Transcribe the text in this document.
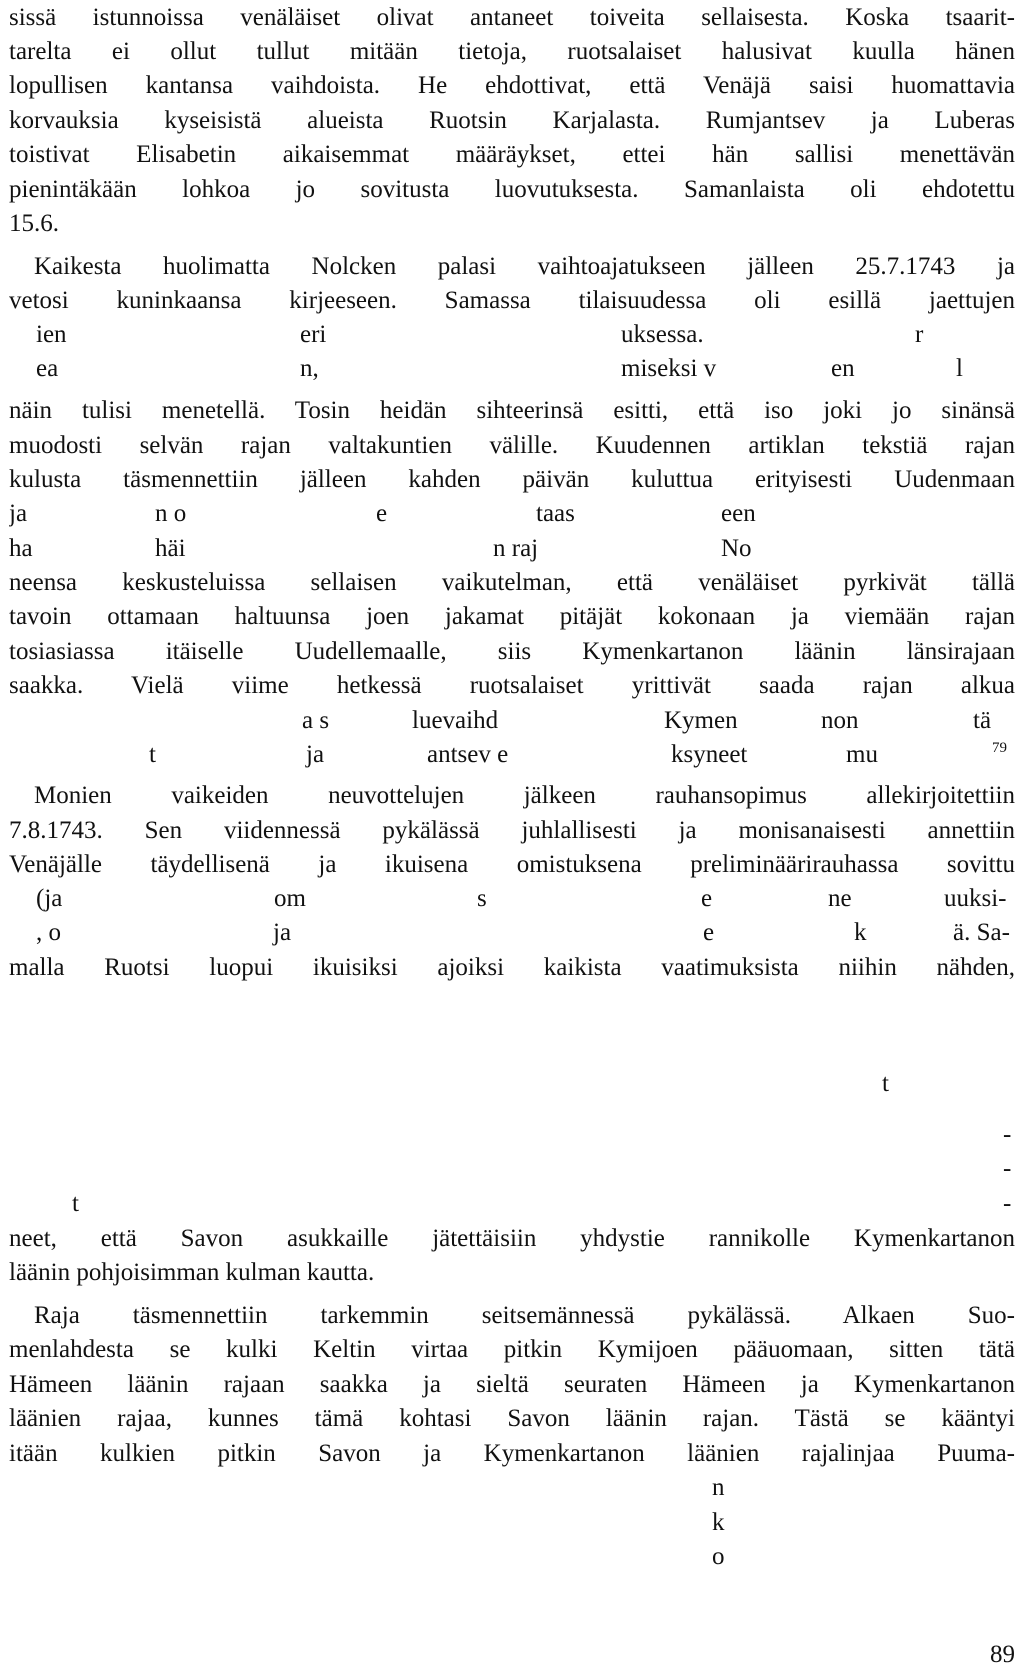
sissä istunnoissa venäläiset olivat antaneet toiveita sellaisesta. Koska tsaarit-
tarelta ei ollut tullut mitään tietoja, ruotsalaiset halusivat kuulla hänen
lopullisen kantansa vaihdoista. He ehdottivat, että Venäjä saisi huomattavia
korvauksia kyseisistä alueista Ruotsin Karjalasta. Rumjantsev ja Luberas
toistivat Elisabetin aikaisemmat määräykset, ettei hän sallisi menettävän
pienintäkään lohkoa jo sovitusta luovutuksesta. Samanlaista oli ehdotettu
15.6.
Kaikesta huolimatta Nolcken palasi vaihtoajatukseen jälleen 25.7.1743 ja
vetosi kuninkaansa kirjeeseen. Samassa tilaisuudessa oli esillä jaettujen
ien	eri	uksessa.	r
ea	n,	miseksi v	en	l
näin tulisi menetellä. Tosin heidän sihteerinsä esitti, että iso joki jo sinänsä
muodosti selvän rajan valtakuntien välille. Kuudennen artiklan tekstiä rajan
kulusta täsmennettiin jälleen kahden päivän kuluttua erityisesti Uudenmaan
ja	n o	e	taas	een
ha	häi	n raj	No
neensa keskusteluissa sellaisen vaikutelman, että venäläiset pyrkivät tällä
tavoin ottamaan haltuunsa joen jakamat pitäjät kokonaan ja viemään rajan
tosiasiassa itäiselle Uudellemaalle, siis Kymenkartanon läänin länsirajaan
saakka. Vielä viime hetkessä ruotsalaiset yrittivät saada rajan alkua
a s	luevaihd	Kymen	non	tä
t	ja	antsev e	ksyneet	mu	$^{79}$
Monien vaikeiden neuvottelujen jälkeen rauhansopimus allekirjoitettiin
7.8.1743. Sen viidennessä pykälässä juhlallisesti ja monisanaisesti annettiin
Venäjälle täydellisenä ja ikuisena omistuksena preliminäärirauhassa sovittu
(ja	om	s	e	ne	uuksi-
, o	ja	e	k	ä. Sa-
malla Ruotsi luopui ikuisiksi ajoiksi kaikista vaatimuksista niihin nähden,
t
-
-
t	-
neet, että Savon asukkaille jätettäisiin yhdystie rannikolle Kymenkartanon
läänin pohjoisimman kulman kautta.
Raja täsmennettiin tarkemmin seitsemännessä pykälässä. Alkaen Suo-
menlahdesta se kulki Keltin virtaa pitkin Kymijoen pääuomaan, sitten tätä
Hämeen läänin rajaan saakka ja sieltä seuraten Hämeen ja Kymenkartanon
läänien rajaa, kunnes tämä kohtasi Savon läänin rajan. Tästä se kääntyi
itään kulkien pitkin Savon ja Kymenkartanon läänien rajalinjaa Puuma-
n
k
o
89
